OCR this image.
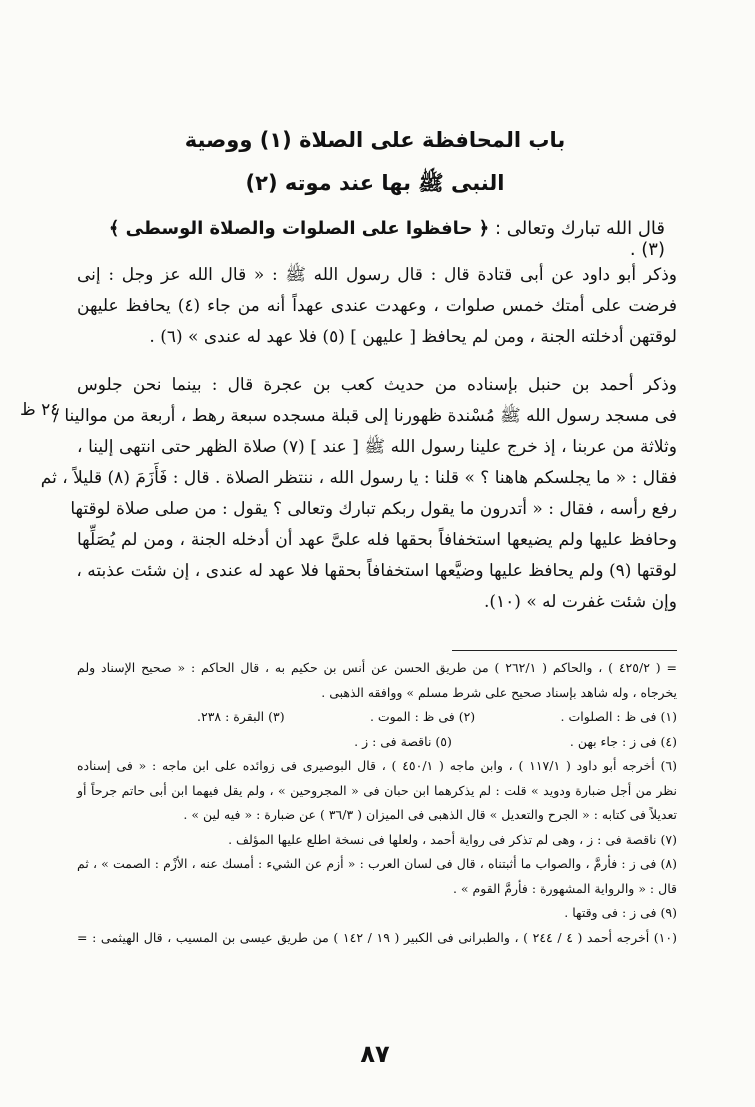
باب المحافظة على الصلاة (١) ووصية
النبى ﷺ بها عند موته (٢)
قال الله تبارك وتعالى : ﴿ حافظوا على الصلوات والصلاة الوسطى ﴾ (٣) .
وذكر أبو داود عن أبى قتادة قال : قال رسول الله ﷺ : « قال الله عز وجل : إنى
فرضت على أمتك خمس صلوات ، وعهدت عندى عهداً أنه من جاء (٤) يحافظ عليهن
لوقتهن أدخلته الجنة ، ومن لم يحافظ [ عليهن ] (٥) فلا عهد له عندى » (٦) .
وذكر أحمد بن حنبل بإسناده من حديث كعب بن عجرة قال : بينما نحن جلوس
فى مسجد رسول الله ﷺ مُسْندة ظهورنا إلى قبلة مسجده سبعة رهط ، أربعة من موالينا /
وثلاثة من عربنا ، إذ خرج علينا رسول الله ﷺ [ عند ] (٧) صلاة الظهر حتى انتهى إلينا ،
فقال : « ما يجلسكم هاهنا ؟ » قلنا : يا رسول الله ، ننتظر الصلاة . قال : فَأَزَمَ (٨) قليلاً ، ثم
رفع رأسه ، فقال : « أتدرون ما يقول ربكم تبارك وتعالى ؟ يقول : من صلى صلاة لوقتها
وحافظ عليها ولم يضيعها استخفافاً بحقها فله علىَّ عهد أن أدخله الجنة ، ومن لم يُصَلِّها
لوقتها (٩) ولم يحافظ عليها وضيَّعها استخفافاً بحقها فلا عهد له عندى ، إن شئت عذبته ،
وإن شئت غفرت له » (١٠).
٢٤ ظ
= ( ٤٢٥/٢ ) ، والحاكم ( ٢٦٢/١ ) من طريق الحسن عن أنس بن حكيم به ، قال الحاكم : « صحيح الإسناد ولم
يخرجاه ، وله شاهد بإسناد صحيح على شرط مسلم » ووافقه الذهبى .
(١) فى ظ : الصلوات .
(٢) فى ظ : الموت .
(٣) البقرة : ٢٣٨.
(٤) فى ز : جاء بهن .  (٥) ناقصة فى : ز .
(٦) أخرجه أبو داود ( ١١٧/١ ) ، وابن ماجه ( ٤٥٠/١ ) ، قال البوصيرى فى زوائده على ابن ماجه : « فى إسناده
نظر من أجل ضبارة ودويد » قلت : لم يذكرهما ابن حبان فى « المجروحين » ، ولم يقل فيهما ابن أبى حاتم جرحاً أو
تعديلاً فى كتابه : « الجرح والتعديل » قال الذهبى فى الميزان ( ٣٦/٣ ) عن ضبارة : « فيه لين » .
(٧) ناقصة فى : ز ، وهى لم تذكر فى رواية أحمد ، ولعلها فى نسخة اطلع عليها المؤلف .
(٨) فى ز : فأرمَّ ، والصواب ما أثبتناه ، قال فى لسان العرب : « أزم عن الشيء : أمسك عنه ، الأزْم : الصمت » ، ثم
قال : « والرواية المشهورة : فأرمَّ القوم » .
(٩) فى ز : فى وقتها .
(١٠) أخرجه أحمد ( ٤ / ٢٤٤ ) ، والطبرانى فى الكبير ( ١٩ / ١٤٢ ) من طريق عيسى بن المسيب ، قال الهيثمى : =
٨٧
